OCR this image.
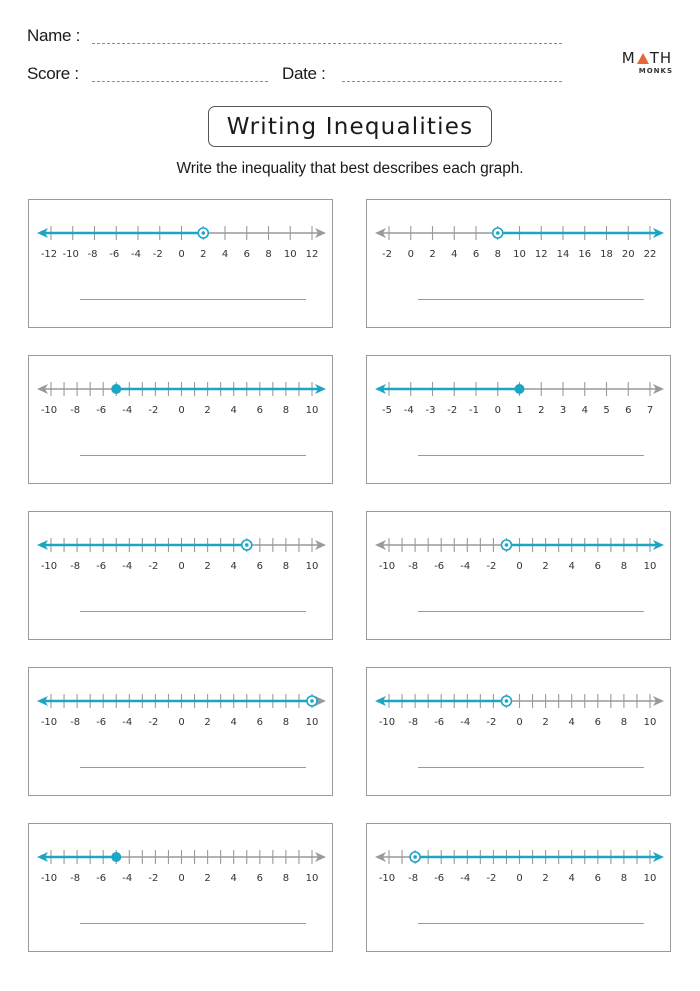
Name :
Score :	Date :
M TH
MONKS
Writing Inequalities
Write the inequality that best describes each graph.
-12 -10 -8 -6 -4 -2 0 2 4 6 8 10 12	-2 0 2 4 6 8 10 12 14 16 18 20 22
-10 -8 -6 -4 -2 0 2 4 6 8 10	-5 -4 -3 -2 -1 0 1 2 3 4 5 6 7
-10 -8 -6 -4 -2 0 2 4 6 8 10	-10 -8 -6 -4 -2 0 2 4 6 8 10
-10 -8 -6 -4 -2 0 2 4 6 8 10	-10 -8 -6 -4 -2 0 2 4 6 8 10
-10 -8 -6 -4 -2 0 2 4 6 8 10	-10 -8 -6 -4 -2 0 2 4 6 8 10
